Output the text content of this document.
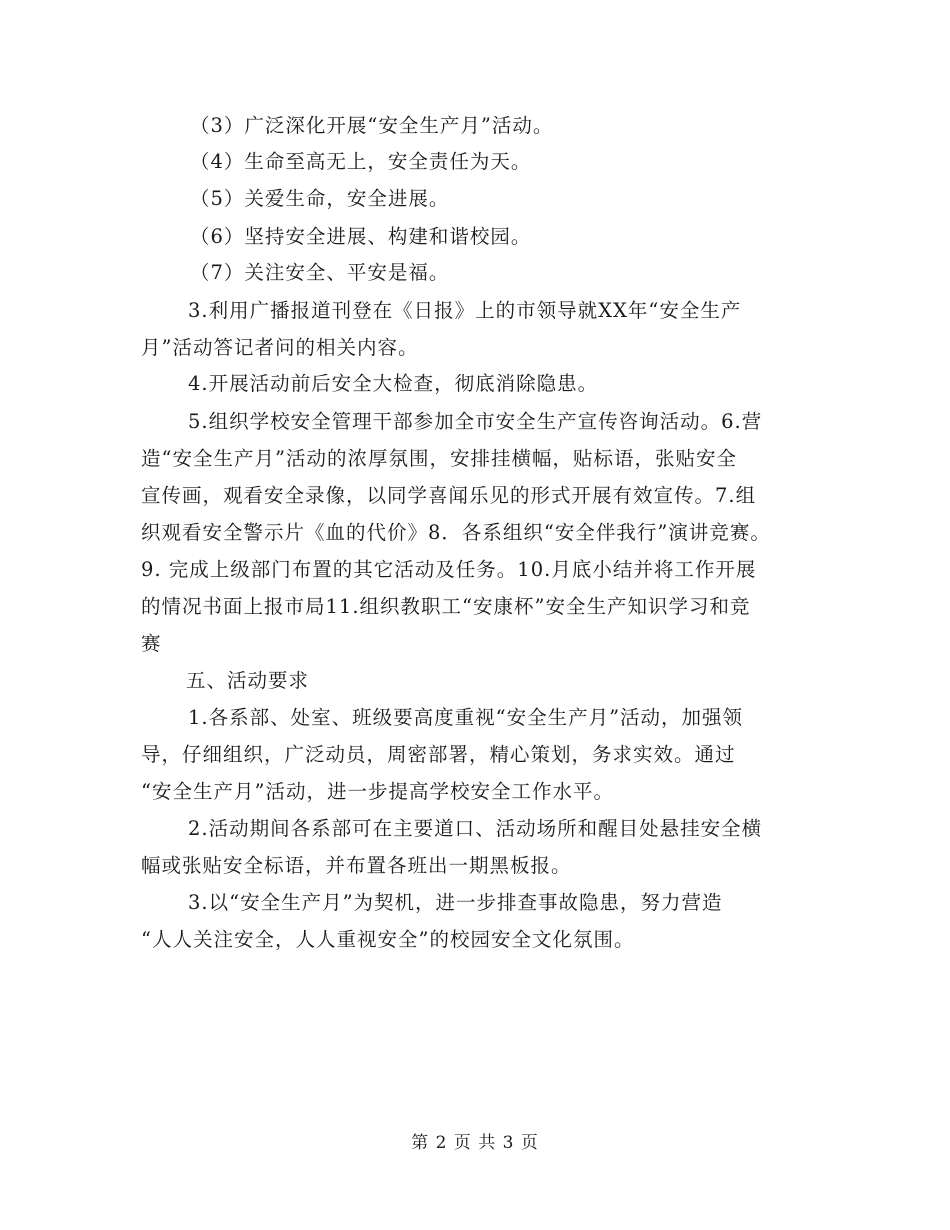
（3）广泛深化开展“安全生产月”活动。
（4）生命至高无上，安全责任为天。
（5）关爱生命，安全进展。
（6）坚持安全进展、构建和谐校园。
（7）关注安全、平安是福。
3.利用广播报道刊登在《日报》上的市领导就XX年“安全生产
月”活动答记者问的相关内容。
4.开展活动前后安全大检查，彻底消除隐患。
5.组织学校安全管理干部参加全市安全生产宣传咨询活动。6.营
造“安全生产月”活动的浓厚氛围，安排挂横幅，贴标语，张贴安全
宣传画，观看安全录像，以同学喜闻乐见的形式开展有效宣传。7.组
织观看安全警示片《血的代价》8．各系组织“安全伴我行”演讲竞赛。
9. 完成上级部门布置的其它活动及任务。10.月底小结并将工作开展
的情况书面上报市局11.组织教职工“安康杯”安全生产知识学习和竞
赛
五、活动要求
1.各系部、处室、班级要高度重视“安全生产月”活动，加强领
导，仔细组织，广泛动员，周密部署，精心策划，务求实效。通过
“安全生产月”活动，进一步提高学校安全工作水平。
2.活动期间各系部可在主要道口、活动场所和醒目处悬挂安全横
幅或张贴安全标语，并布置各班出一期黑板报。
3.以“安全生产月”为契机，进一步排查事故隐患，努力营造
“人人关注安全，人人重视安全”的校园安全文化氛围。
第 2 页 共 3 页
